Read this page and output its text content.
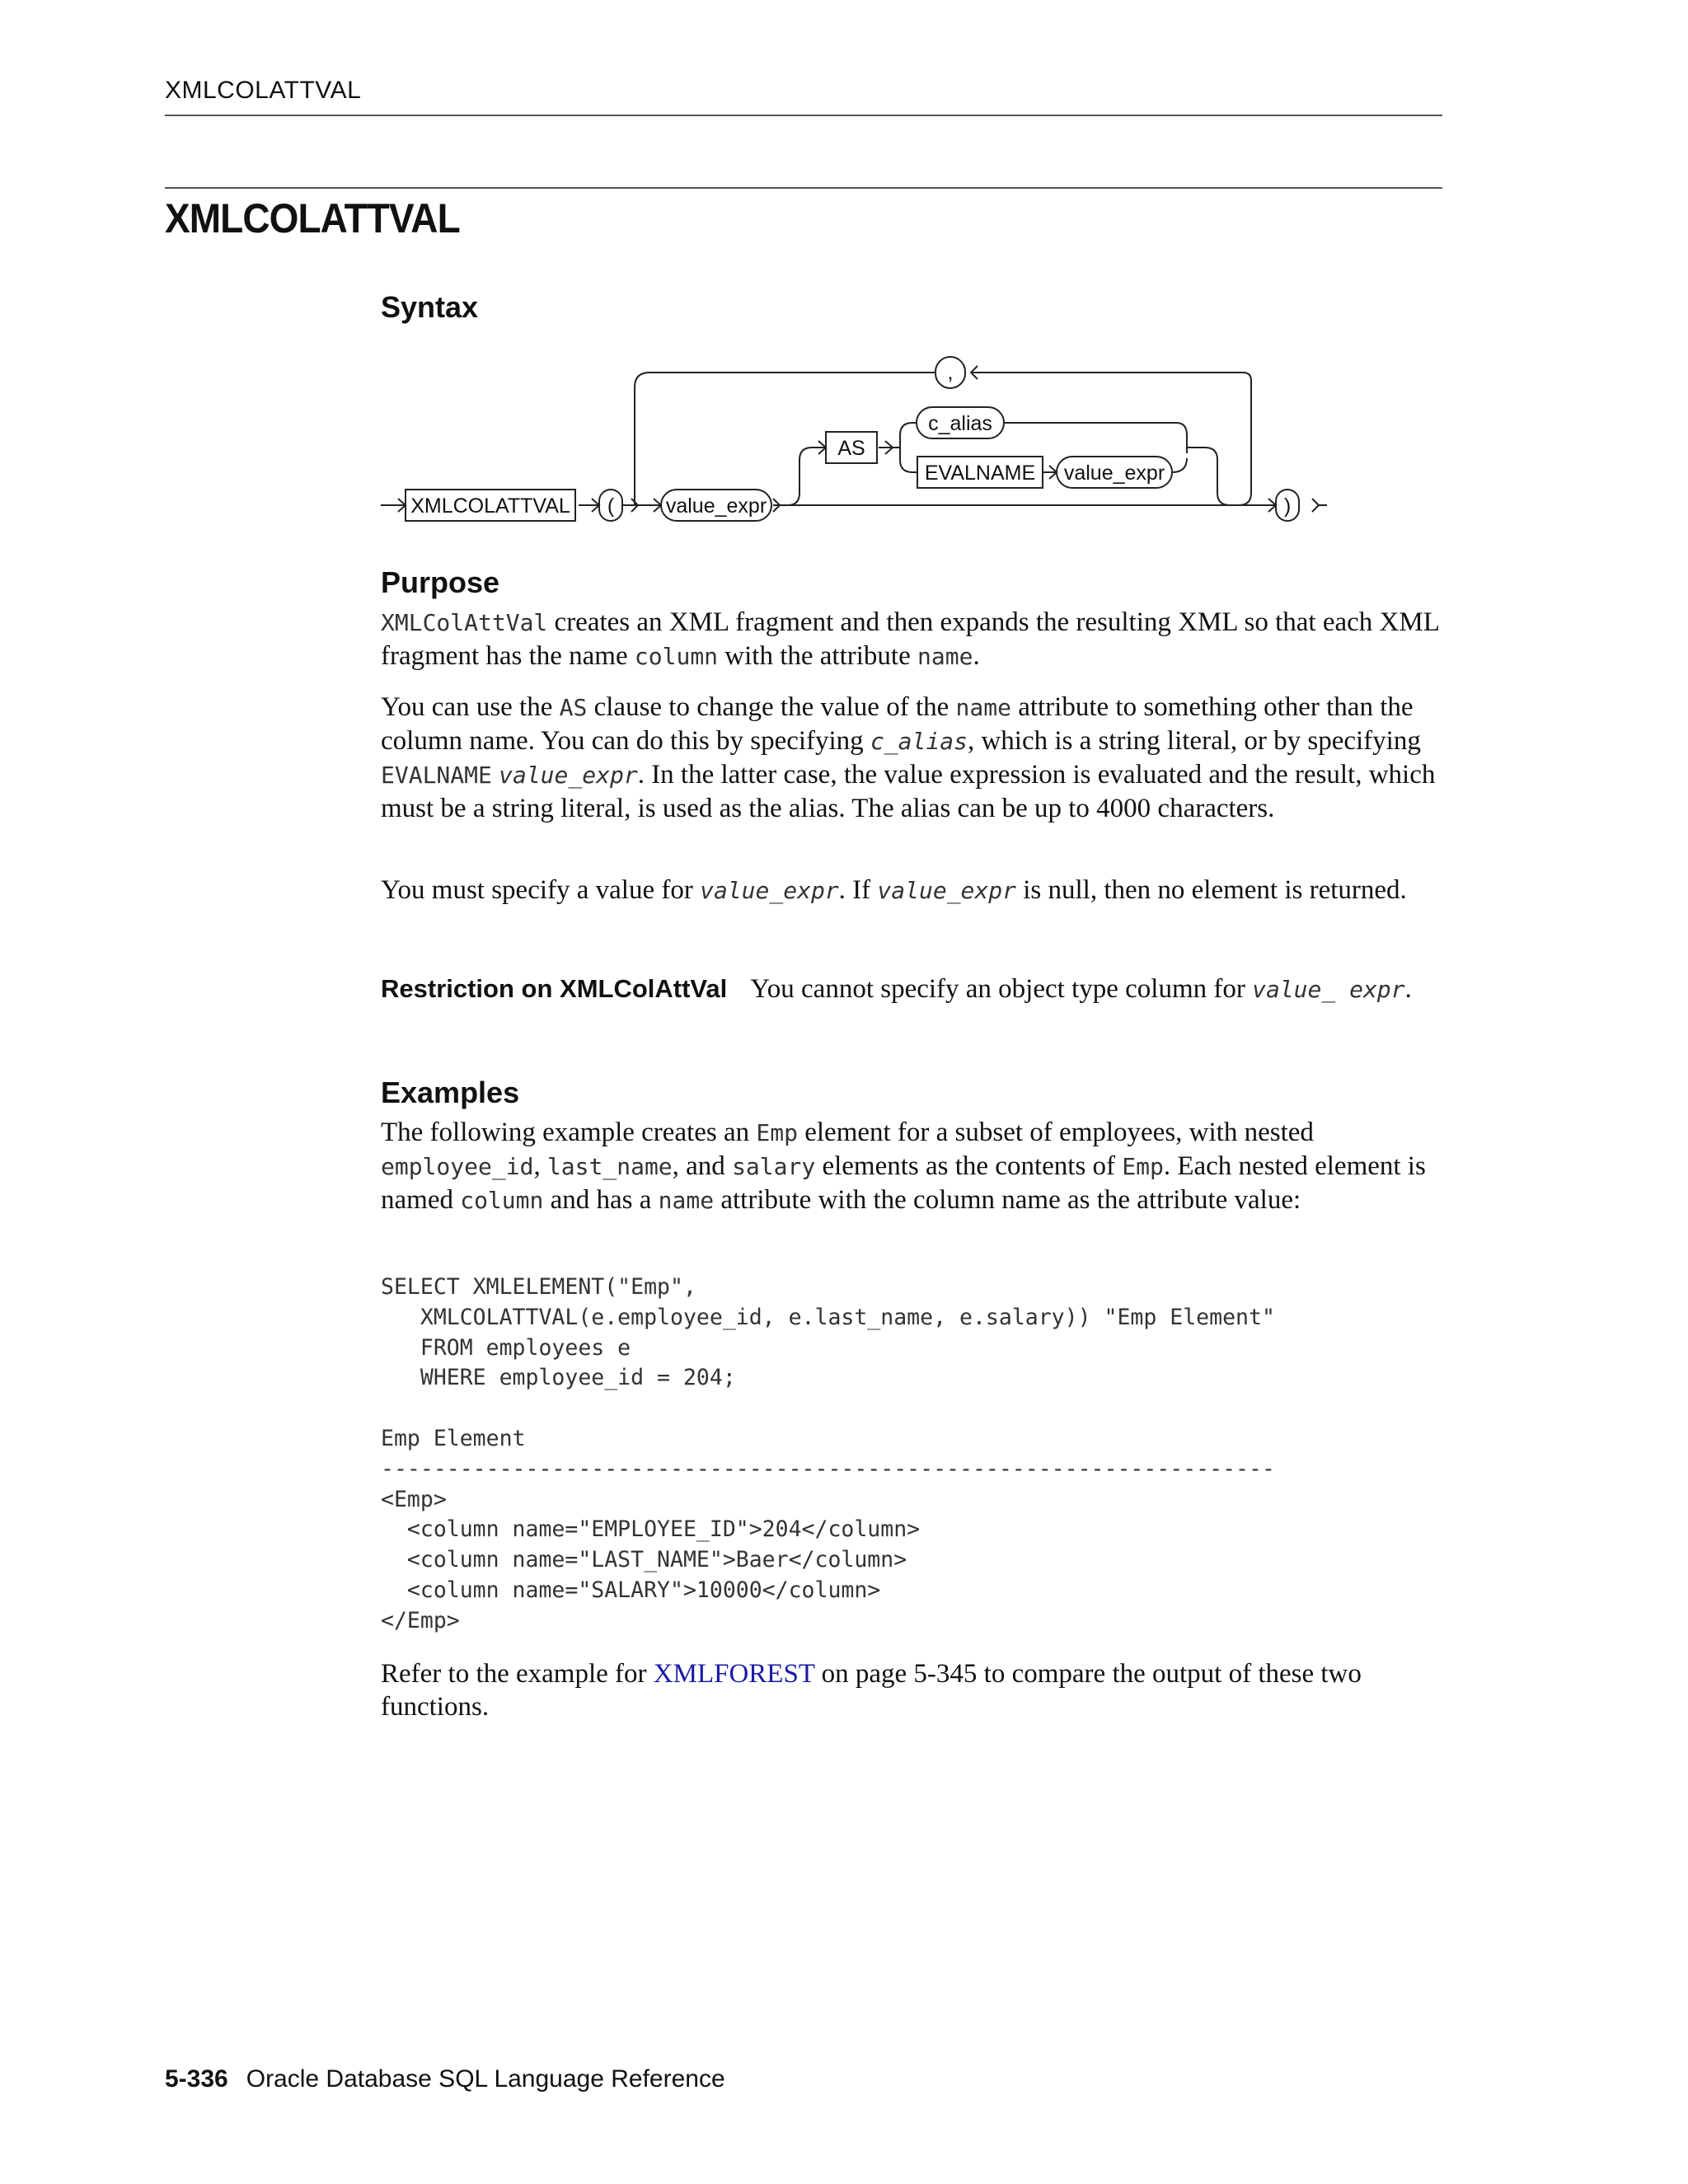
XMLCOLATTVAL
XMLCOLATTVAL
Syntax
XMLCOLATTVAL (	value_expr
,
AS
c_alias
EVALNAME value_expr
)
Purpose

XMLColAttVal creates an XML fragment and then expands the resulting XML so that each XML fragment has the name column with the attribute name.

You can use the AS clause to change the value of the name attribute to something other than the column name. You can do this by specifying c_alias, which is a string literal, or by specifying EVALNAME value_expr. In the latter case, the value expression is evaluated and the result, which must be a string literal, is used as the alias. The alias can be up to 4000 characters.

You must specify a value for value_expr. If value_expr is null, then no element is returned.

Restriction on XMLColAttVal You cannot specify an object type column for value_ expr.

Examples

The following example creates an Emp element for a subset of employees, with nested employee_id, last_name, and salary elements as the contents of Emp. Each nested element is named column and has a name attribute with the column name as the attribute value:

SELECT XMLELEMENT("Emp",
XMLCOLATTVAL(e.employee_id, e.last_name, e.salary)) "Emp Element"
FROM employees e
WHERE employee_id = 204;

Emp Element
--------------------------------------------------------------------
<Emp>
<column name="EMPLOYEE_ID">204</column>
<column name="LAST_NAME">Baer</column>
<column name="SALARY">10000</column>
</Emp>

Refer to the example for XMLFOREST on page 5-345 to compare the output of these two functions.

5-336 Oracle Database SQL Language Reference
